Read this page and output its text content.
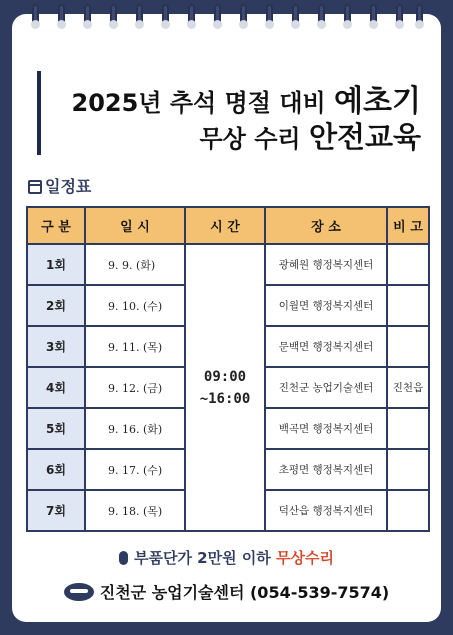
2025년 추석 명절 대비 예초기
무상 수리 안전교육
일정표
구 분	일 시	시 간	장 소	비 고
1회	9. 9. (화)	09:00 ~16:00	광혜원 행정복지센터	
2회	9. 10. (수)		이월면 행정복지센터	
3회	9. 11. (목)		문백면 행정복지센터	
4회	9. 12. (금)		진천군 농업기술센터	진천읍
5회	9. 16. (화)		백곡면 행정복지센터	
6회	9. 17. (수)		초평면 행정복지센터	
7회	9. 18. (목)		덕산읍 행정복지센터	
부품단가 2만원 이하 무상수리
진천군 농업기술센터 (054-539-7574)
